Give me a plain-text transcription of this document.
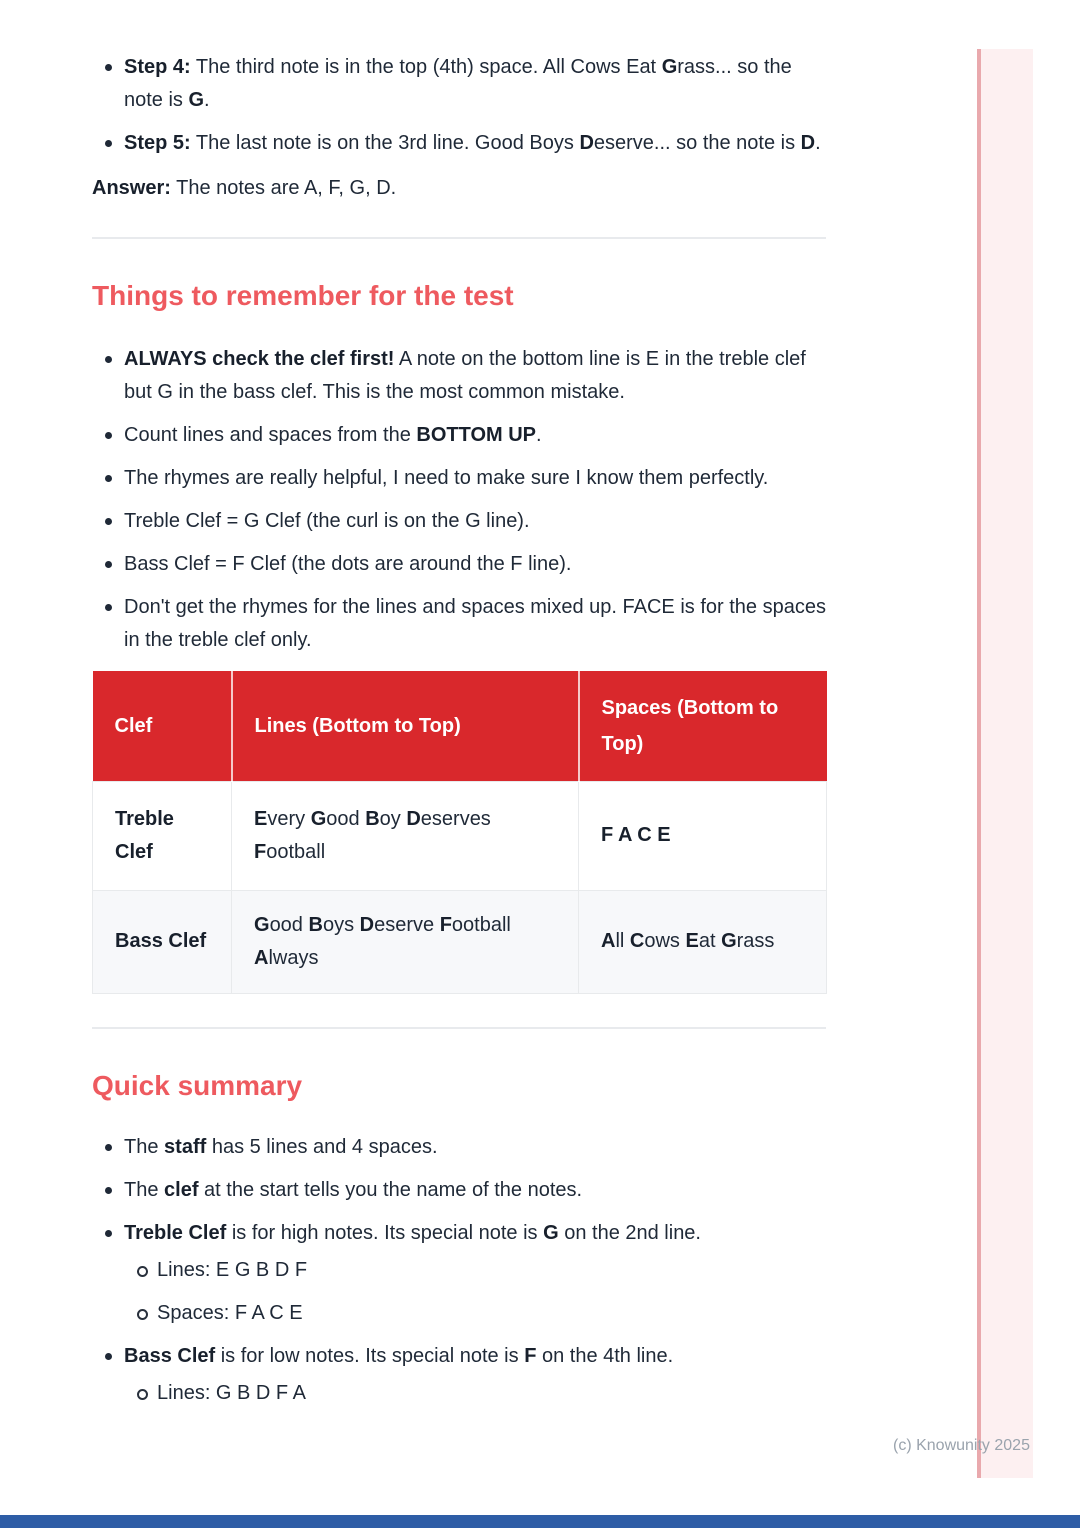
Step 4: The third note is in the top (4th) space. All Cows Eat Grass... so the note is G.
Step 5: The last note is on the 3rd line. Good Boys Deserve... so the note is D.

Answer: The notes are A, F, G, D.

Things to remember for the test
ALWAYS check the clef first! A note on the bottom line is E in the treble clef but G in the bass clef. This is the most common mistake.
Count lines and spaces from the BOTTOM UP.
The rhymes are really helpful, I need to make sure I know them perfectly.
Treble Clef = G Clef (the curl is on the G line).
Bass Clef = F Clef (the dots are around the F line).
Don't get the rhymes for the lines and spaces mixed up. FACE is for the spaces in the treble clef only.
Clef	Lines (Bottom to Top)	Spaces (Bottom to Top)
Treble Clef	Every Good Boy Deserves Football	F A C E
Bass Clef	Good Boys Deserve Football Always	All Cows Eat Grass
Quick summary
The staff has 5 lines and 4 spaces.
The clef at the start tells you the name of the notes.
Treble Clef is for high notes. Its special note is G on the 2nd line.
Lines: E G B D F
Spaces: F A C E
Bass Clef is for low notes. Its special note is F on the 4th line.
Lines: G B D F A
(c) Knowunity 2025
